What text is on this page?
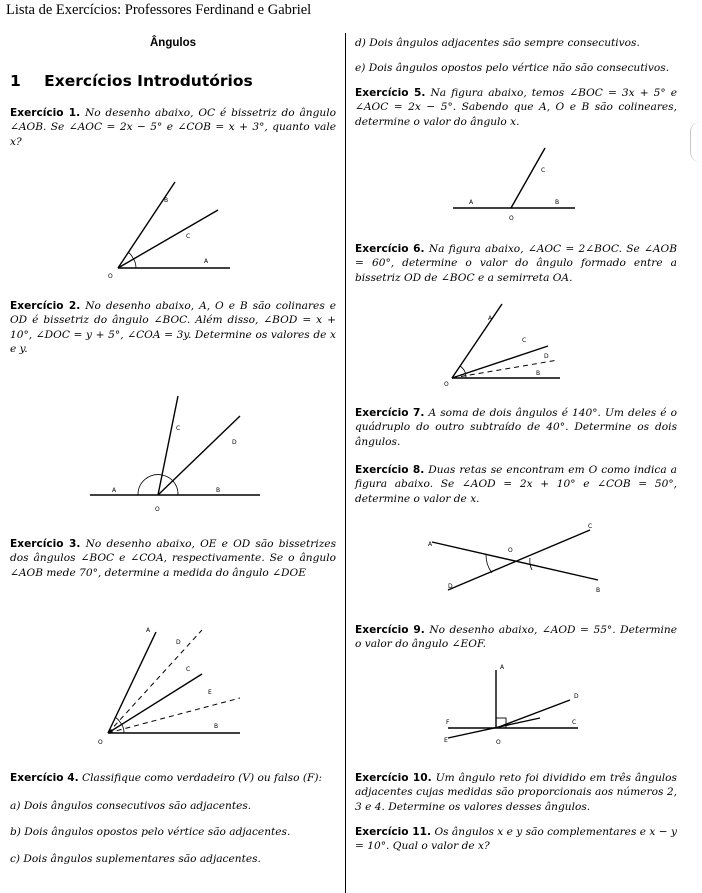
Lista de Exercícios: Professores Ferdinand e Gabriel
Ângulos
1 Exercícios Introdutórios

Exercício 1. No desenho abaixo, OC é bissetriz do ângulo ∠AOB. Se ∠AOC = 2x − 5° e ∠COB = x + 3°, quanto vale x?

O
A
B
C

Exercício 2. No desenho abaixo, A, O e B são colinares e OD é bissetriz do ângulo ∠BOC. Além disso, ∠BOD = x + 10°, ∠DOC = y + 5°, ∠COA = 3y. Determine os valores de x e y.

O
A	B
C
D

Exercício 3. No desenho abaixo, OE e OD são bissetrizes dos ângulos ∠BOC e ∠COA, respectivamente. Se o ângulo ∠AOB mede 70°, determine a medida do ângulo ∠DOE

O
A
B
C
D
E

Exercício 4. Classifique como verdadeiro (V) ou falso (F):

a) Dois ângulos consecutivos são adjacentes.
b) Dois ângulos opostos pelo vértice são adjacentes.
c) Dois ângulos suplementares são adjacentes.
d) Dois ângulos adjacentes são sempre consecutivos.
e) Dois ângulos opostos pelo vértice não são consecutivos.

Exercício 5. Na figura abaixo, temos ∠BOC = 3x + 5° e ∠AOC = 2x − 5°. Sabendo que A, O e B são colineares, determine o valor do ângulo x.

O
A	B
C

Exercício 6. Na figura abaixo, ∠AOC = 2∠BOC. Se ∠AOB = 60°, determine o valor do ângulo formado entre a bissetriz OD de ∠BOC e a semirreta OA.

O
A
B
C
D

Exercício 7. A soma de dois ângulos é 140°. Um deles é o quádruplo do outro subtraído de 40°. Determine os dois ângulos.

Exercício 8. Duas retas se encontram em O como indica a figura abaixo. Se ∠AOD = 2x + 10° e ∠COB = 50°, determine o valor de x.

O
A
B
C
D

Exercício 9. No desenho abaixo, ∠AOD = 55°. Determine o valor do ângulo ∠EOF.

O
A
C
D
E
F

Exercício 10. Um ângulo reto foi dividido em três ângulos adjacentes cujas medidas são proporcionais aos números 2, 3 e 4. Determine os valores desses ângulos.

Exercício 11. Os ângulos x e y são complementares e x − y = 10°. Qual o valor de x?
